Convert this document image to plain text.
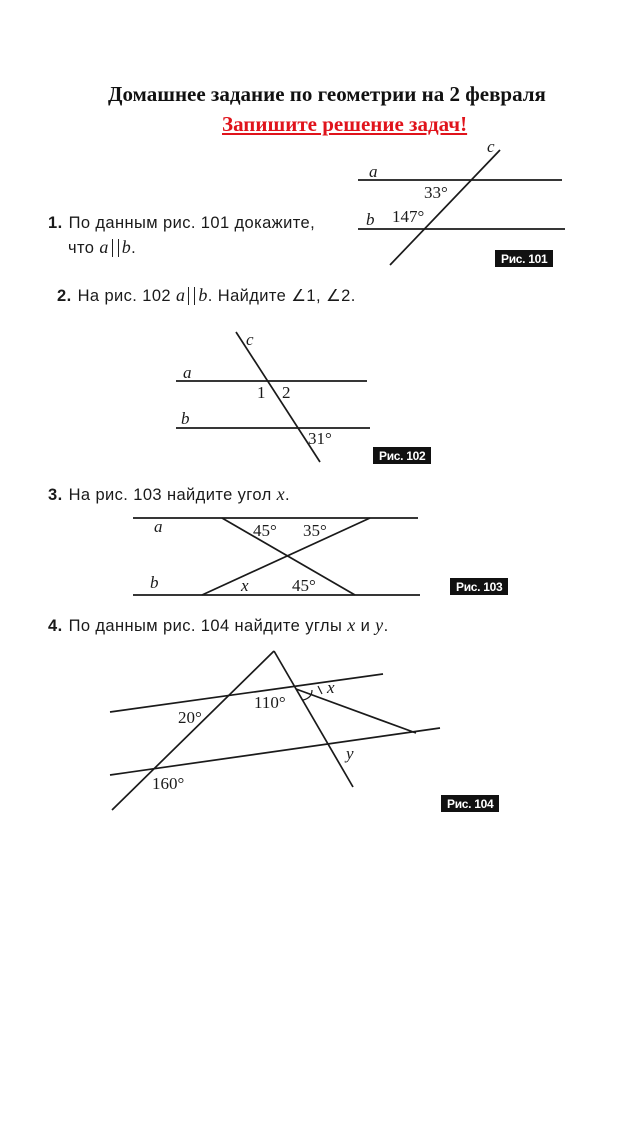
Домашнее задание по геометрии на 2 февраля
Запишите решение задач!
1. По данным рис. 101 докажите,
что a b.
a
b
c
33°
147°
Рис. 101
2. На рис. 102 a b. Найдите ∠1, ∠2.
a
b
c
1 2
31°
Рис. 102
3. На рис. 103 найдите угол x.
a
b
45° 35°
x	45°	Рис. 103
4. По данным рис. 104 найдите углы x и y.
20°
110°
x
y
160°
Рис. 104
